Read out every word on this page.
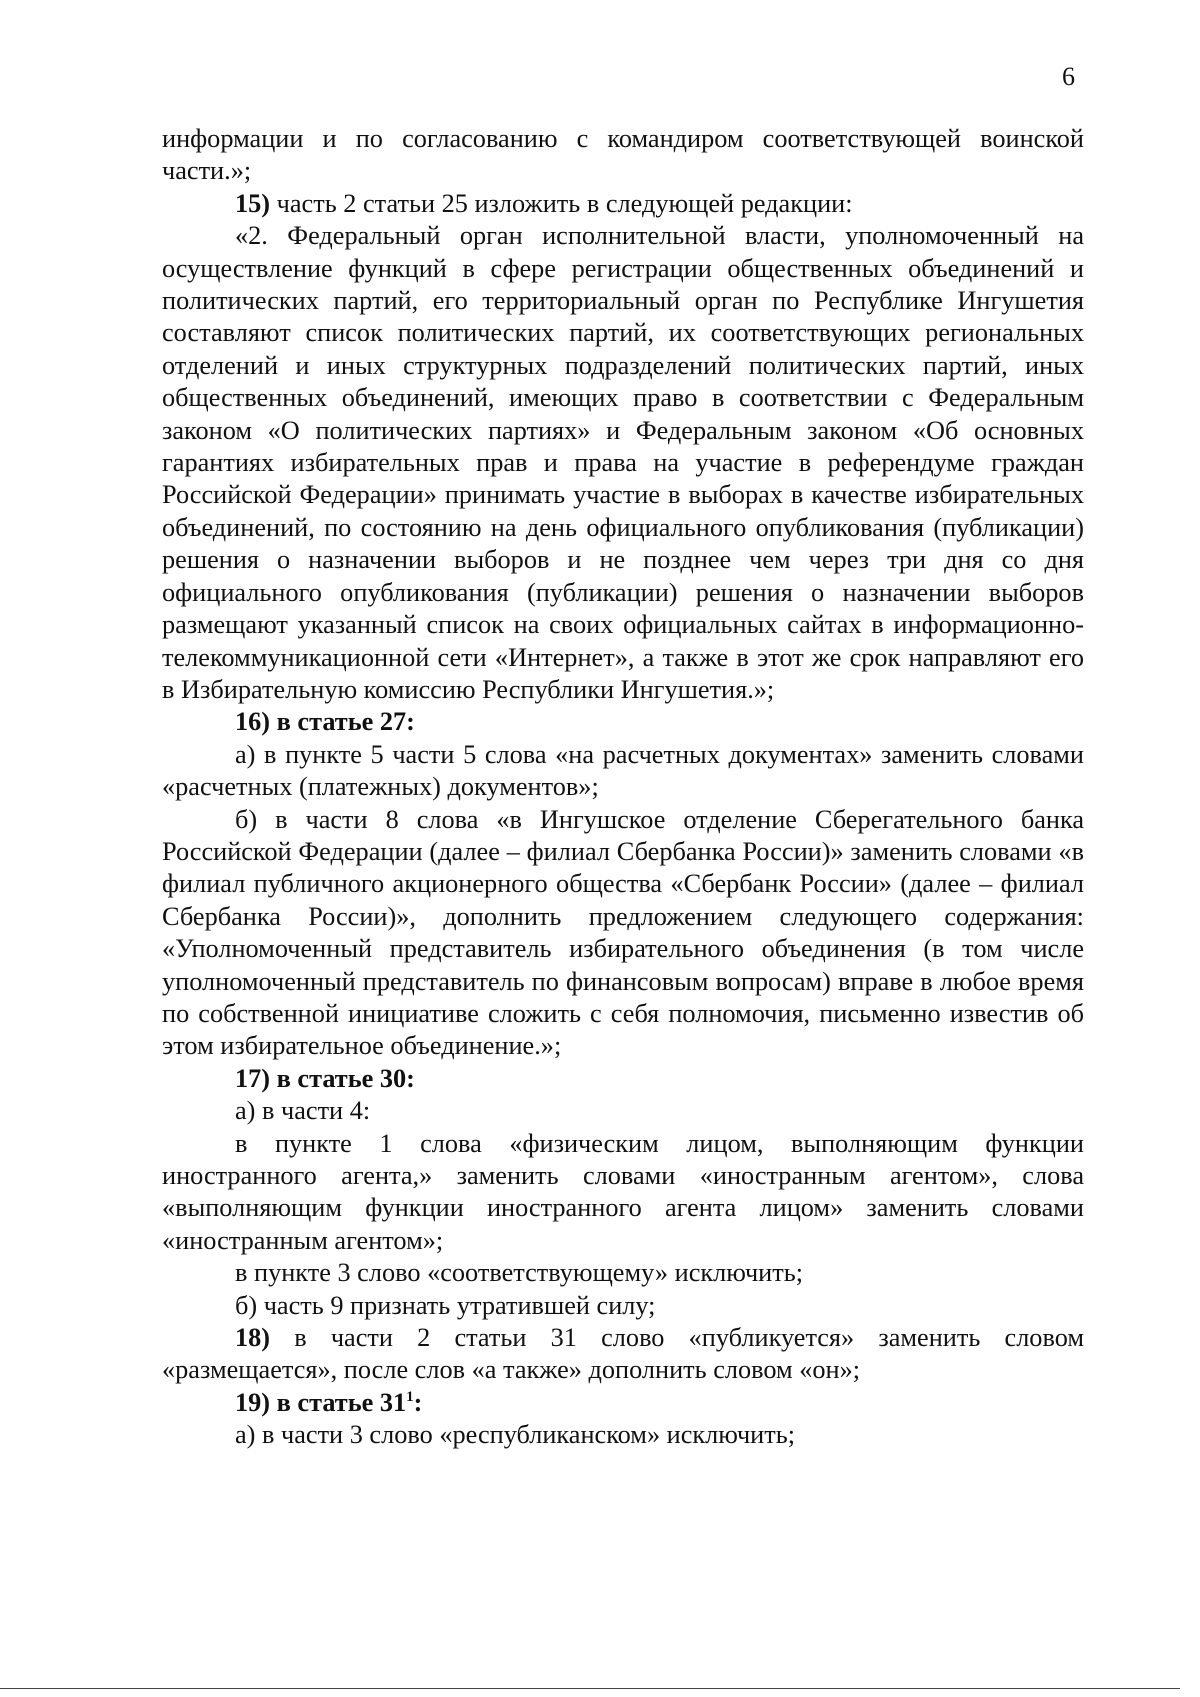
6

информации и по согласованию с командиром соответствующей воинской части.»;

15) часть 2 статьи 25 изложить в следующей редакции:

«2. Федеральный орган исполнительной власти, уполномоченный на осуществление функций в сфере регистрации общественных объединений и политических партий, его территориальный орган по Республике Ингушетия составляют список политических партий, их соответствующих региональных отделений и иных структурных подразделений политических партий, иных общественных объединений, имеющих право в соответствии с Федеральным законом «О политических партиях» и Федеральным законом «Об основных гарантиях избирательных прав и права на участие в референдуме граждан Российской Федерации» принимать участие в выборах в качестве избирательных объединений, по состоянию на день официального опубликования (публикации) решения о назначении выборов и не позднее чем через три дня со дня официального опубликования (публикации) решения о назначении выборов размещают указанный список на своих официальных сайтах в информационно-телекоммуникационной сети «Интернет», а также в этот же срок направляют его в Избирательную комиссию Республики Ингушетия.»;

16) в статье 27:

а) в пункте 5 части 5 слова «на расчетных документах» заменить словами «расчетных (платежных) документов»;

б) в части 8 слова «в Ингушское отделение Сберегательного банка Российской Федерации (далее – филиал Сбербанка России)» заменить словами «в филиал публичного акционерного общества «Сбербанк России» (далее – филиал Сбербанка России)», дополнить предложением следующего содержания: «Уполномоченный представитель избирательного объединения (в том числе уполномоченный представитель по финансовым вопросам) вправе в любое время по собственной инициативе сложить с себя полномочия, письменно известив об этом избирательное объединение.»;

17) в статье 30:

а) в части 4:

в пункте 1 слова «физическим лицом, выполняющим функции иностранного агента,» заменить словами «иностранным агентом», слова «выполняющим функции иностранного агента лицом» заменить словами «иностранным агентом»;

в пункте 3 слово «соответствующему» исключить;

б) часть 9 признать утратившей силу;

18) в части 2 статьи 31 слово «публикуется» заменить словом «размещается», после слов «а также» дополнить словом «он»;

19) в статье $31^1$:

а) в части 3 слово «республиканском» исключить;
